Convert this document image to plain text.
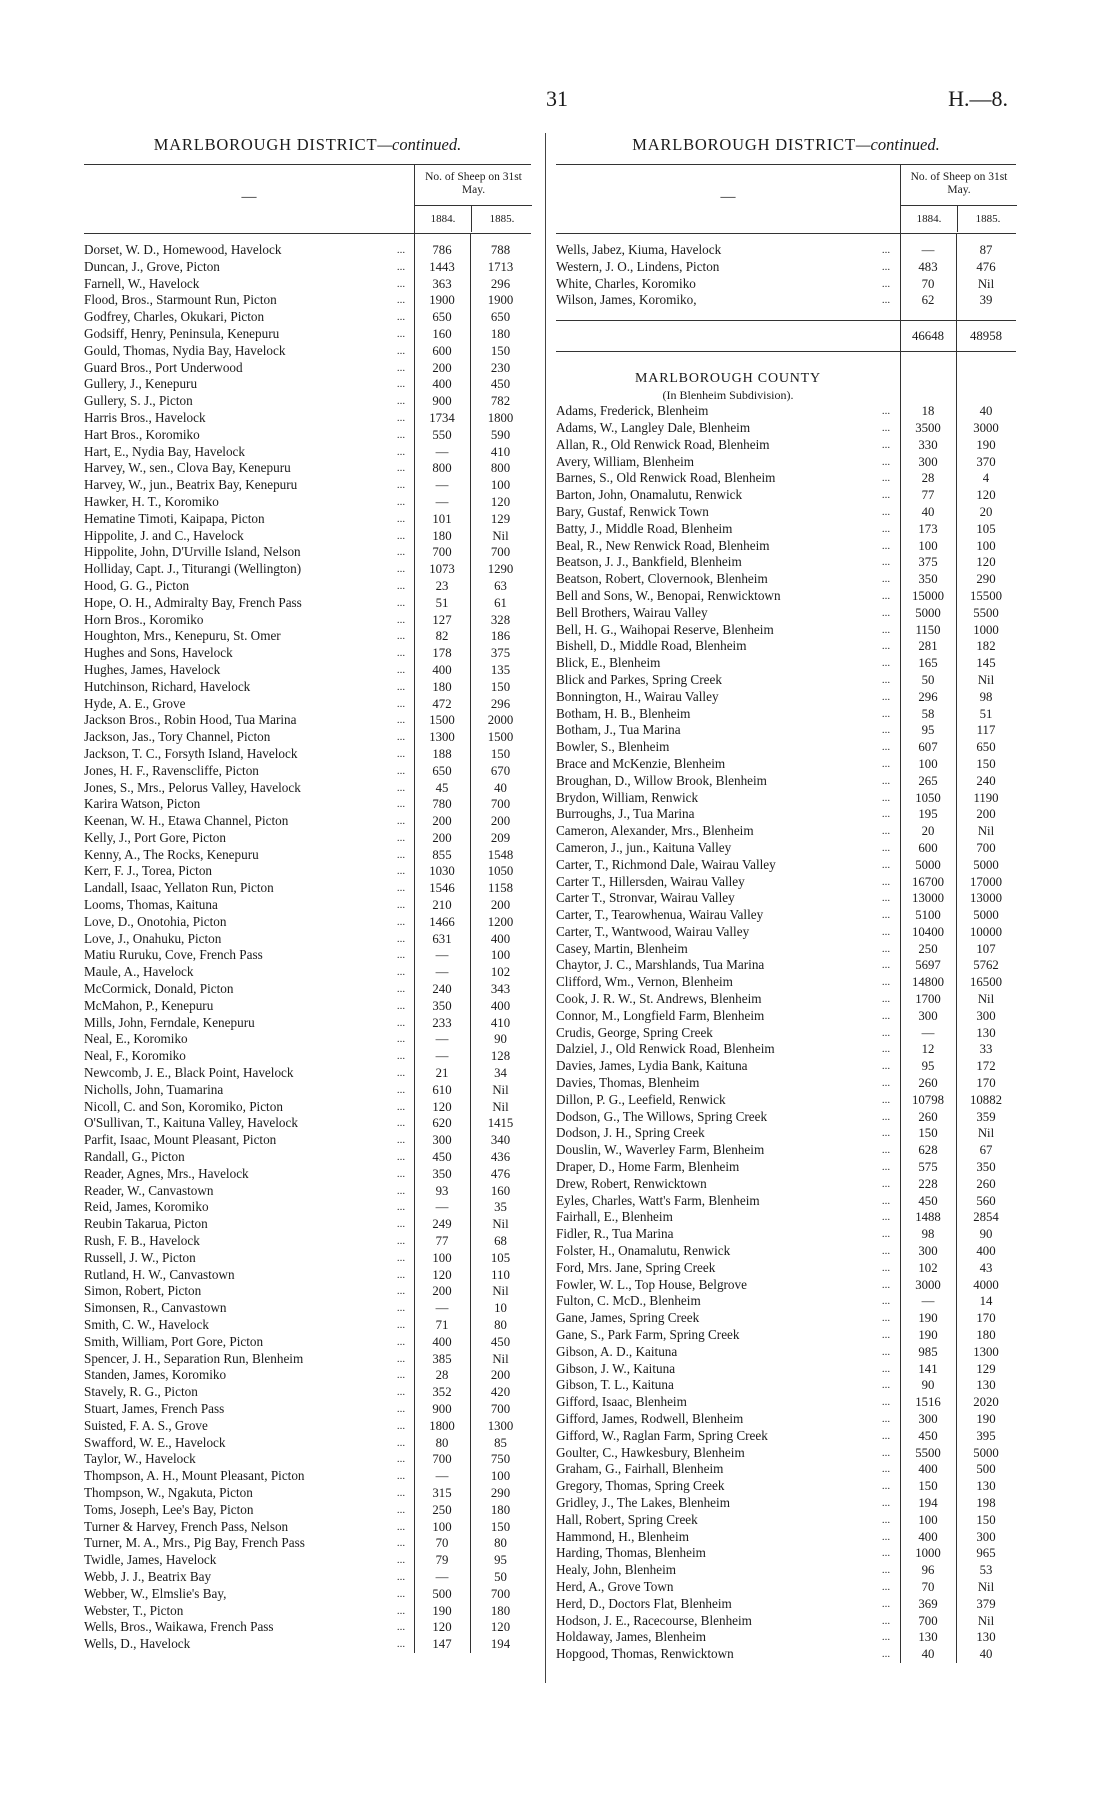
31	H.—8.
MARLBOROUGH DISTRICT—continued.
—
No. of Sheep on 31st May.
1884.	1885.
Dorset, W. D., Homewood, Havelock	...	786	788
Duncan, J., Grove, Picton	...	1443	1713
Farnell, W., Havelock	...	363	296
Flood, Bros., Starmount Run, Picton	...	1900	1900
Godfrey, Charles, Okukari, Picton	...	650	650
Godsiff, Henry, Peninsula, Kenepuru	...	160	180
Gould, Thomas, Nydia Bay, Havelock	...	600	150
Guard Bros., Port Underwood	...	200	230
Gullery, J., Kenepuru	...	400	450
Gullery, S. J., Picton	...	900	782
Harris Bros., Havelock	...	1734	1800
Hart Bros., Koromiko	...	550	590
Hart, E., Nydia Bay, Havelock	...	—	410
Harvey, W., sen., Clova Bay, Kenepuru	...	800	800
Harvey, W., jun., Beatrix Bay, Kenepuru	...	—	100
Hawker, H. T., Koromiko	...	—	120
Hematine Timoti, Kaipapa, Picton	...	101	129
Hippolite, J. and C., Havelock	...	180	Nil
Hippolite, John, D'Urville Island, Nelson	...	700	700
Holliday, Capt. J., Titurangi (Wellington)	...	1073	1290
Hood, G. G., Picton	...	23	63
Hope, O. H., Admiralty Bay, French Pass	...	51	61
Horn Bros., Koromiko	...	127	328
Houghton, Mrs., Kenepuru, St. Omer	...	82	186
Hughes and Sons, Havelock	...	178	375
Hughes, James, Havelock	...	400	135
Hutchinson, Richard, Havelock	...	180	150
Hyde, A. E., Grove	...	472	296
Jackson Bros., Robin Hood, Tua Marina	...	1500	2000
Jackson, Jas., Tory Channel, Picton	...	1300	1500
Jackson, T. C., Forsyth Island, Havelock	...	188	150
Jones, H. F., Ravenscliffe, Picton	...	650	670
Jones, S., Mrs., Pelorus Valley, Havelock	...	45	40
Karira Watson, Picton	...	780	700
Keenan, W. H., Etawa Channel, Picton	...	200	200
Kelly, J., Port Gore, Picton	...	200	209
Kenny, A., The Rocks, Kenepuru	...	855	1548
Kerr, F. J., Torea, Picton	...	1030	1050
Landall, Isaac, Yellaton Run, Picton	...	1546	1158
Looms, Thomas, Kaituna	...	210	200
Love, D., Onotohia, Picton	...	1466	1200
Love, J., Onahuku, Picton	...	631	400
Matiu Ruruku, Cove, French Pass	...	—	100
Maule, A., Havelock	...	—	102
McCormick, Donald, Picton	...	240	343
McMahon, P., Kenepuru	...	350	400
Mills, John, Ferndale, Kenepuru	...	233	410
Neal, E., Koromiko	...	—	90
Neal, F., Koromiko	...	—	128
Newcomb, J. E., Black Point, Havelock	...	21	34
Nicholls, John, Tuamarina	...	610	Nil
Nicoll, C. and Son, Koromiko, Picton	...	120	Nil
O'Sullivan, T., Kaituna Valley, Havelock	...	620	1415
Parfit, Isaac, Mount Pleasant, Picton	...	300	340
Randall, G., Picton	...	450	436
Reader, Agnes, Mrs., Havelock	...	350	476
Reader, W., Canvastown	...	93	160
Reid, James, Koromiko	...	—	35
Reubin Takarua, Picton	...	249	Nil
Rush, F. B., Havelock	...	77	68
Russell, J. W., Picton	...	100	105
Rutland, H. W., Canvastown	...	120	110
Simon, Robert, Picton	...	200	Nil
Simonsen, R., Canvastown	...	—	10
Smith, C. W., Havelock	...	71	80
Smith, William, Port Gore, Picton	...	400	450
Spencer, J. H., Separation Run, Blenheim	...	385	Nil
Standen, James, Koromiko	...	28	200
Stavely, R. G., Picton	...	352	420
Stuart, James, French Pass	...	900	700
Suisted, F. A. S., Grove	...	1800	1300
Swafford, W. E., Havelock	...	80	85
Taylor, W., Havelock	...	700	750
Thompson, A. H., Mount Pleasant, Picton	...	—	100
Thompson, W., Ngakuta, Picton	...	315	290
Toms, Joseph, Lee's Bay, Picton	...	250	180
Turner & Harvey, French Pass, Nelson	...	100	150
Turner, M. A., Mrs., Pig Bay, French Pass	...	70	80
Twidle, James, Havelock	...	79	95
Webb, J. J., Beatrix Bay	...	—	50
Webber, W., Elmslie's Bay,	...	500	700
Webster, T., Picton	...	190	180
Wells, Bros., Waikawa, French Pass	...	120	120
Wells, D., Havelock	...	147	194
MARLBOROUGH DISTRICT—continued.
—
No. of Sheep on 31st May.
1884.	1885.
Wells, Jabez, Kiuma, Havelock	...	—	87
Western, J. O., Lindens, Picton	...	483	476
White, Charles, Koromiko	...	70	Nil
Wilson, James, Koromiko,	...	62	39
46648	48958
MARLBOROUGH COUNTY
(In Blenheim Subdivision).
Adams, Frederick, Blenheim	...	18	40
Adams, W., Langley Dale, Blenheim	...	3500	3000
Allan, R., Old Renwick Road, Blenheim	...	330	190
Avery, William, Blenheim	...	300	370
Barnes, S., Old Renwick Road, Blenheim	...	28	4
Barton, John, Onamalutu, Renwick	...	77	120
Bary, Gustaf, Renwick Town	...	40	20
Batty, J., Middle Road, Blenheim	...	173	105
Beal, R., New Renwick Road, Blenheim	...	100	100
Beatson, J. J., Bankfield, Blenheim	...	375	120
Beatson, Robert, Clovernook, Blenheim	...	350	290
Bell and Sons, W., Benopai, Renwicktown	...	15000	15500
Bell Brothers, Wairau Valley	...	5000	5500
Bell, H. G., Waihopai Reserve, Blenheim	...	1150	1000
Bishell, D., Middle Road, Blenheim	...	281	182
Blick, E., Blenheim	...	165	145
Blick and Parkes, Spring Creek	...	50	Nil
Bonnington, H., Wairau Valley	...	296	98
Botham, H. B., Blenheim	...	58	51
Botham, J., Tua Marina	...	95	117
Bowler, S., Blenheim	...	607	650
Brace and McKenzie, Blenheim	...	100	150
Broughan, D., Willow Brook, Blenheim	...	265	240
Brydon, William, Renwick	...	1050	1190
Burroughs, J., Tua Marina	...	195	200
Cameron, Alexander, Mrs., Blenheim	...	20	Nil
Cameron, J., jun., Kaituna Valley	...	600	700
Carter, T., Richmond Dale, Wairau Valley	...	5000	5000
Carter T., Hillersden, Wairau Valley	...	16700	17000
Carter T., Stronvar, Wairau Valley	...	13000	13000
Carter, T., Tearowhenua, Wairau Valley	...	5100	5000
Carter, T., Wantwood, Wairau Valley	...	10400	10000
Casey, Martin, Blenheim	...	250	107
Chaytor, J. C., Marshlands, Tua Marina	...	5697	5762
Clifford, Wm., Vernon, Blenheim	...	14800	16500
Cook, J. R. W., St. Andrews, Blenheim	...	1700	Nil
Connor, M., Longfield Farm, Blenheim	...	300	300
Crudis, George, Spring Creek	...	—	130
Dalziel, J., Old Renwick Road, Blenheim	...	12	33
Davies, James, Lydia Bank, Kaituna	...	95	172
Davies, Thomas, Blenheim	...	260	170
Dillon, P. G., Leefield, Renwick	...	10798	10882
Dodson, G., The Willows, Spring Creek	...	260	359
Dodson, J. H., Spring Creek	...	150	Nil
Douslin, W., Waverley Farm, Blenheim	...	628	67
Draper, D., Home Farm, Blenheim	...	575	350
Drew, Robert, Renwicktown	...	228	260
Eyles, Charles, Watt's Farm, Blenheim	...	450	560
Fairhall, E., Blenheim	...	1488	2854
Fidler, R., Tua Marina	...	98	90
Folster, H., Onamalutu, Renwick	...	300	400
Ford, Mrs. Jane, Spring Creek	...	102	43
Fowler, W. L., Top House, Belgrove	...	3000	4000
Fulton, C. McD., Blenheim	...	—	14
Gane, James, Spring Creek	...	190	170
Gane, S., Park Farm, Spring Creek	...	190	180
Gibson, A. D., Kaituna	...	985	1300
Gibson, J. W., Kaituna	...	141	129
Gibson, T. L., Kaituna	...	90	130
Gifford, Isaac, Blenheim	...	1516	2020
Gifford, James, Rodwell, Blenheim	...	300	190
Gifford, W., Raglan Farm, Spring Creek	...	450	395
Goulter, C., Hawkesbury, Blenheim	...	5500	5000
Graham, G., Fairhall, Blenheim	...	400	500
Gregory, Thomas, Spring Creek	...	150	130
Gridley, J., The Lakes, Blenheim	...	194	198
Hall, Robert, Spring Creek	...	100	150
Hammond, H., Blenheim	...	400	300
Harding, Thomas, Blenheim	...	1000	965
Healy, John, Blenheim	...	96	53
Herd, A., Grove Town	...	70	Nil
Herd, D., Doctors Flat, Blenheim	...	369	379
Hodson, J. E., Racecourse, Blenheim	...	700	Nil
Holdaway, James, Blenheim	...	130	130
Hopgood, Thomas, Renwicktown	...	40	40
